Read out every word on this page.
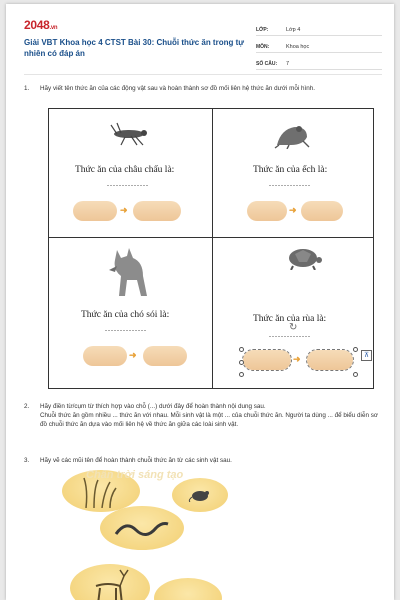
2048.vn
Giải VBT Khoa học 4 CTST Bài 30: Chuỗi thức ăn trong tự nhiên có đáp án
LỚP:	Lớp 4
MÔN:	Khoa học
SỐ CÂU:	7
1. Hãy viết tên thức ăn của các động vật sau và hoàn thành sơ đồ mối liên hệ thức ăn dưới mỗi hình.
Thức ăn của châu chấu là:
..............
➜
Thức ăn của ếch là:
..............
➜
Thức ăn của chó sói là:
..............
➜
Thức ăn của rùa là:
↻
..............
➜	⊼
2. Hãy điền từ/cụm từ thích hợp vào chỗ (...) dưới đây để hoàn thành nội dung sau.
Chuỗi thức ăn gồm nhiều ... thức ăn với nhau. Mỗi sinh vật là một ... của chuỗi thức ăn. Người ta dùng ... để biểu diễn sơ đồ chuỗi thức ăn dựa vào mối liên hệ về thức ăn giữa các loài sinh vật.
3. Hãy vẽ các mũi tên để hoàn thành chuỗi thức ăn từ các sinh vật sau.
Chân trời sáng tạo
